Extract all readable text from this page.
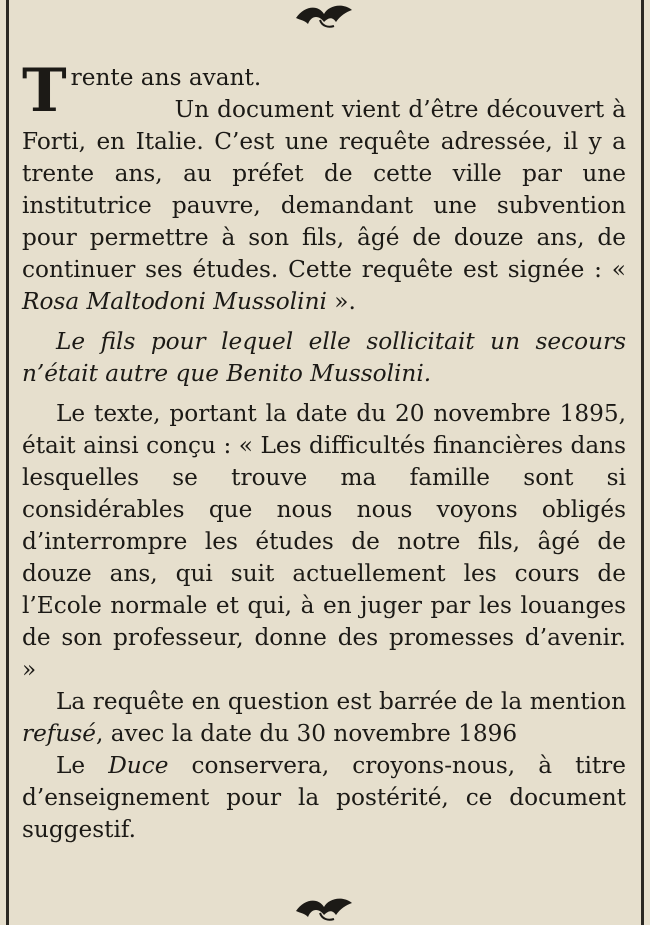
Trente ans avant.

Un document vient d’être découvert à Forti, en Italie. C’est une requête adressée, il y a trente ans, au préfet de cette ville par une institutrice pauvre, demandant une subvention pour permettre à son fils, âgé de douze ans, de continuer ses études. Cette requête est signée : « Rosa Maltodoni Mussolini ».

Le fils pour lequel elle sollicitait un secours n’était autre que Benito Mussolini.

Le texte, portant la date du 20 novembre 1895, était ainsi conçu : « Les difficultés financières dans lesquelles se trouve ma famille sont si considérables que nous nous voyons obligés d’interrompre les études de notre fils, âgé de douze ans, qui suit actuellement les cours de l’Ecole normale et qui, à en juger par les louanges de son professeur, donne des promesses d’avenir. »

La requête en question est barrée de la mention refusé, avec la date du 30 novembre 1896

Le Duce conservera, croyons-nous, à titre d’enseignement pour la postérité, ce document suggestif.
